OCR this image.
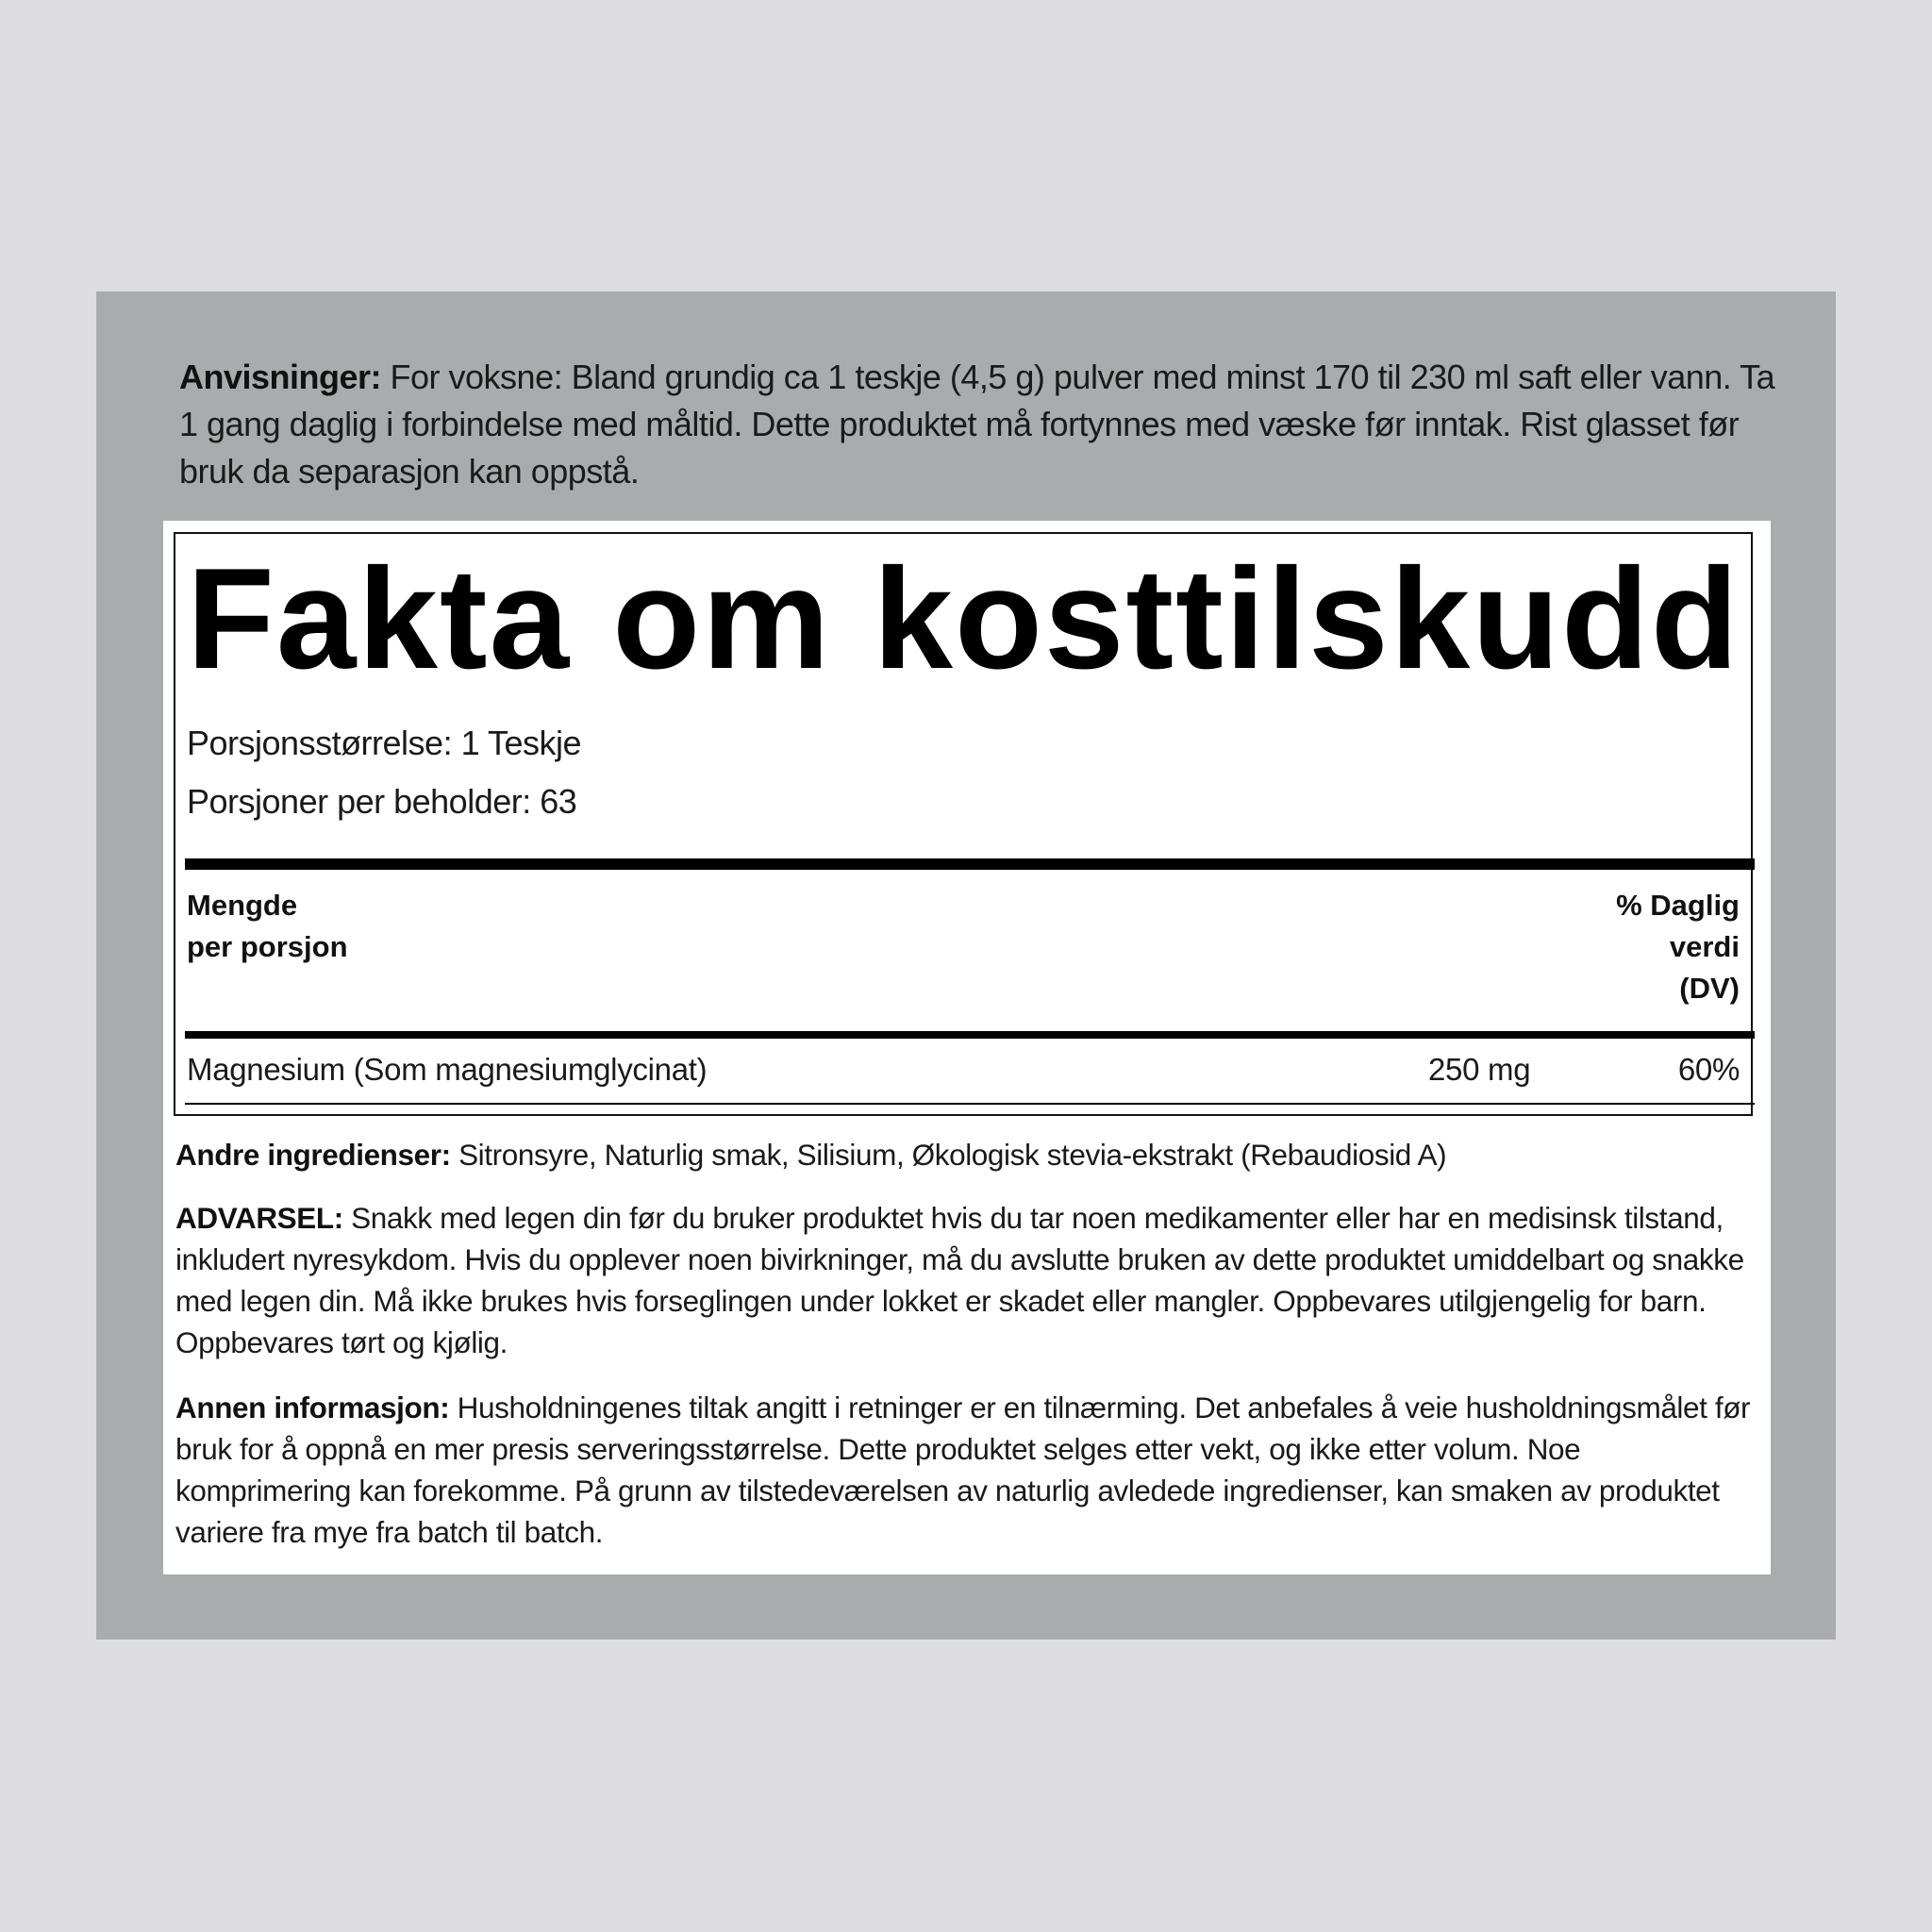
Anvisninger: For voksne: Bland grundig ca 1 teskje (4,5 g) pulver med minst 170 til 230 ml saft eller vann. Ta 1 gang daglig i forbindelse med måltid. Dette produktet må fortynnes med væske før inntak. Rist glasset før bruk da separasjon kan oppstå.
Fakta om kosttilskudd
Porsjonsstørrelse: 1 Teskje
Porsjoner per beholder: 63
Mengde
per porsjon
% Daglig
verdi
(DV)
Magnesium (Som magnesiumglycinat)	250 mg	60%
Andre ingredienser: Sitronsyre, Naturlig smak, Silisium, Økologisk stevia-ekstrakt (Rebaudiosid A)
ADVARSEL: Snakk med legen din før du bruker produktet hvis du tar noen medikamenter eller har en medisinsk tilstand, inkludert nyresykdom. Hvis du opplever noen bivirkninger, må du avslutte bruken av dette produktet umiddelbart og snakke med legen din. Må ikke brukes hvis forseglingen under lokket er skadet eller mangler. Oppbevares utilgjengelig for barn. Oppbevares tørt og kjølig.
Annen informasjon: Husholdningenes tiltak angitt i retninger er en tilnærming. Det anbefales å veie husholdningsmålet før bruk for å oppnå en mer presis serveringsstørrelse. Dette produktet selges etter vekt, og ikke etter volum. Noe komprimering kan forekomme. På grunn av tilstedeværelsen av naturlig avledede ingredienser, kan smaken av produktet variere fra mye fra batch til batch.
